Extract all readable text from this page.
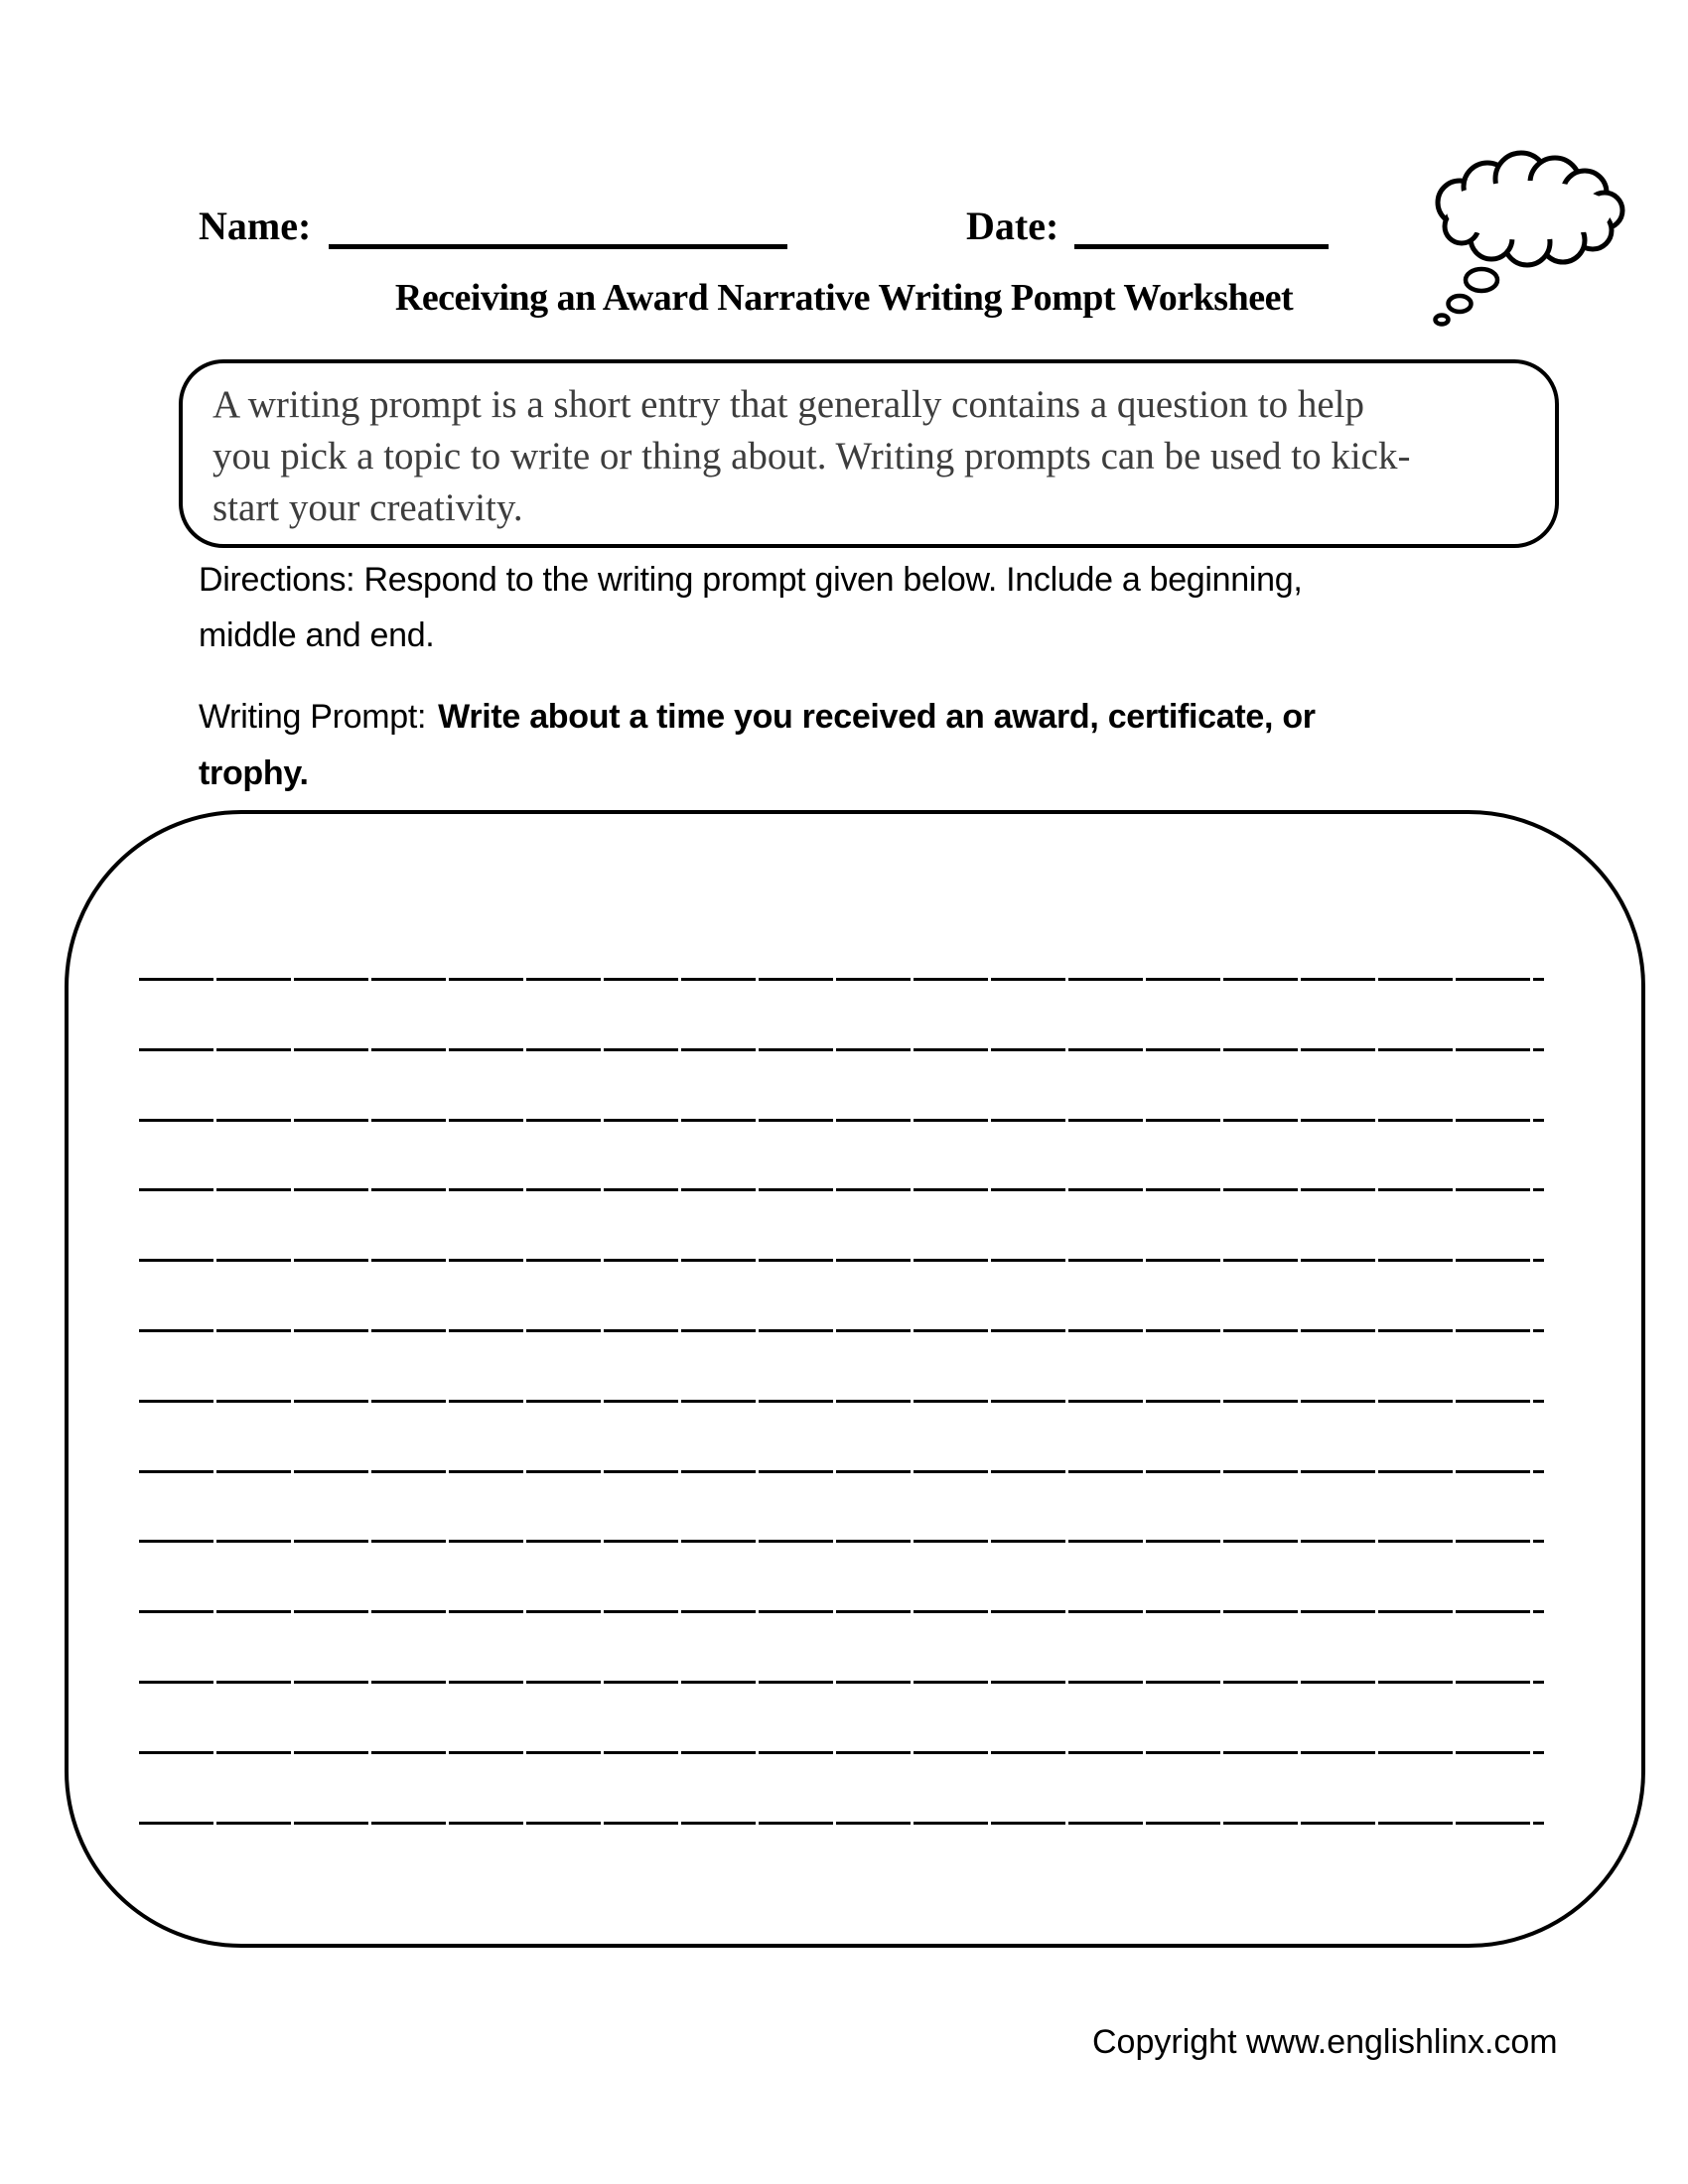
Name:	Date:
Receiving an Award Narrative Writing Pompt Worksheet
A writing prompt is a short entry that generally contains a question to help
you pick a topic to write or thing about. Writing prompts can be used to kick-
start your creativity.
Directions: Respond to the writing prompt given below. Include a beginning,
middle and end.
Writing Prompt: Write about a time you received an award, certificate, or
trophy.
Copyright www.englishlinx.com
